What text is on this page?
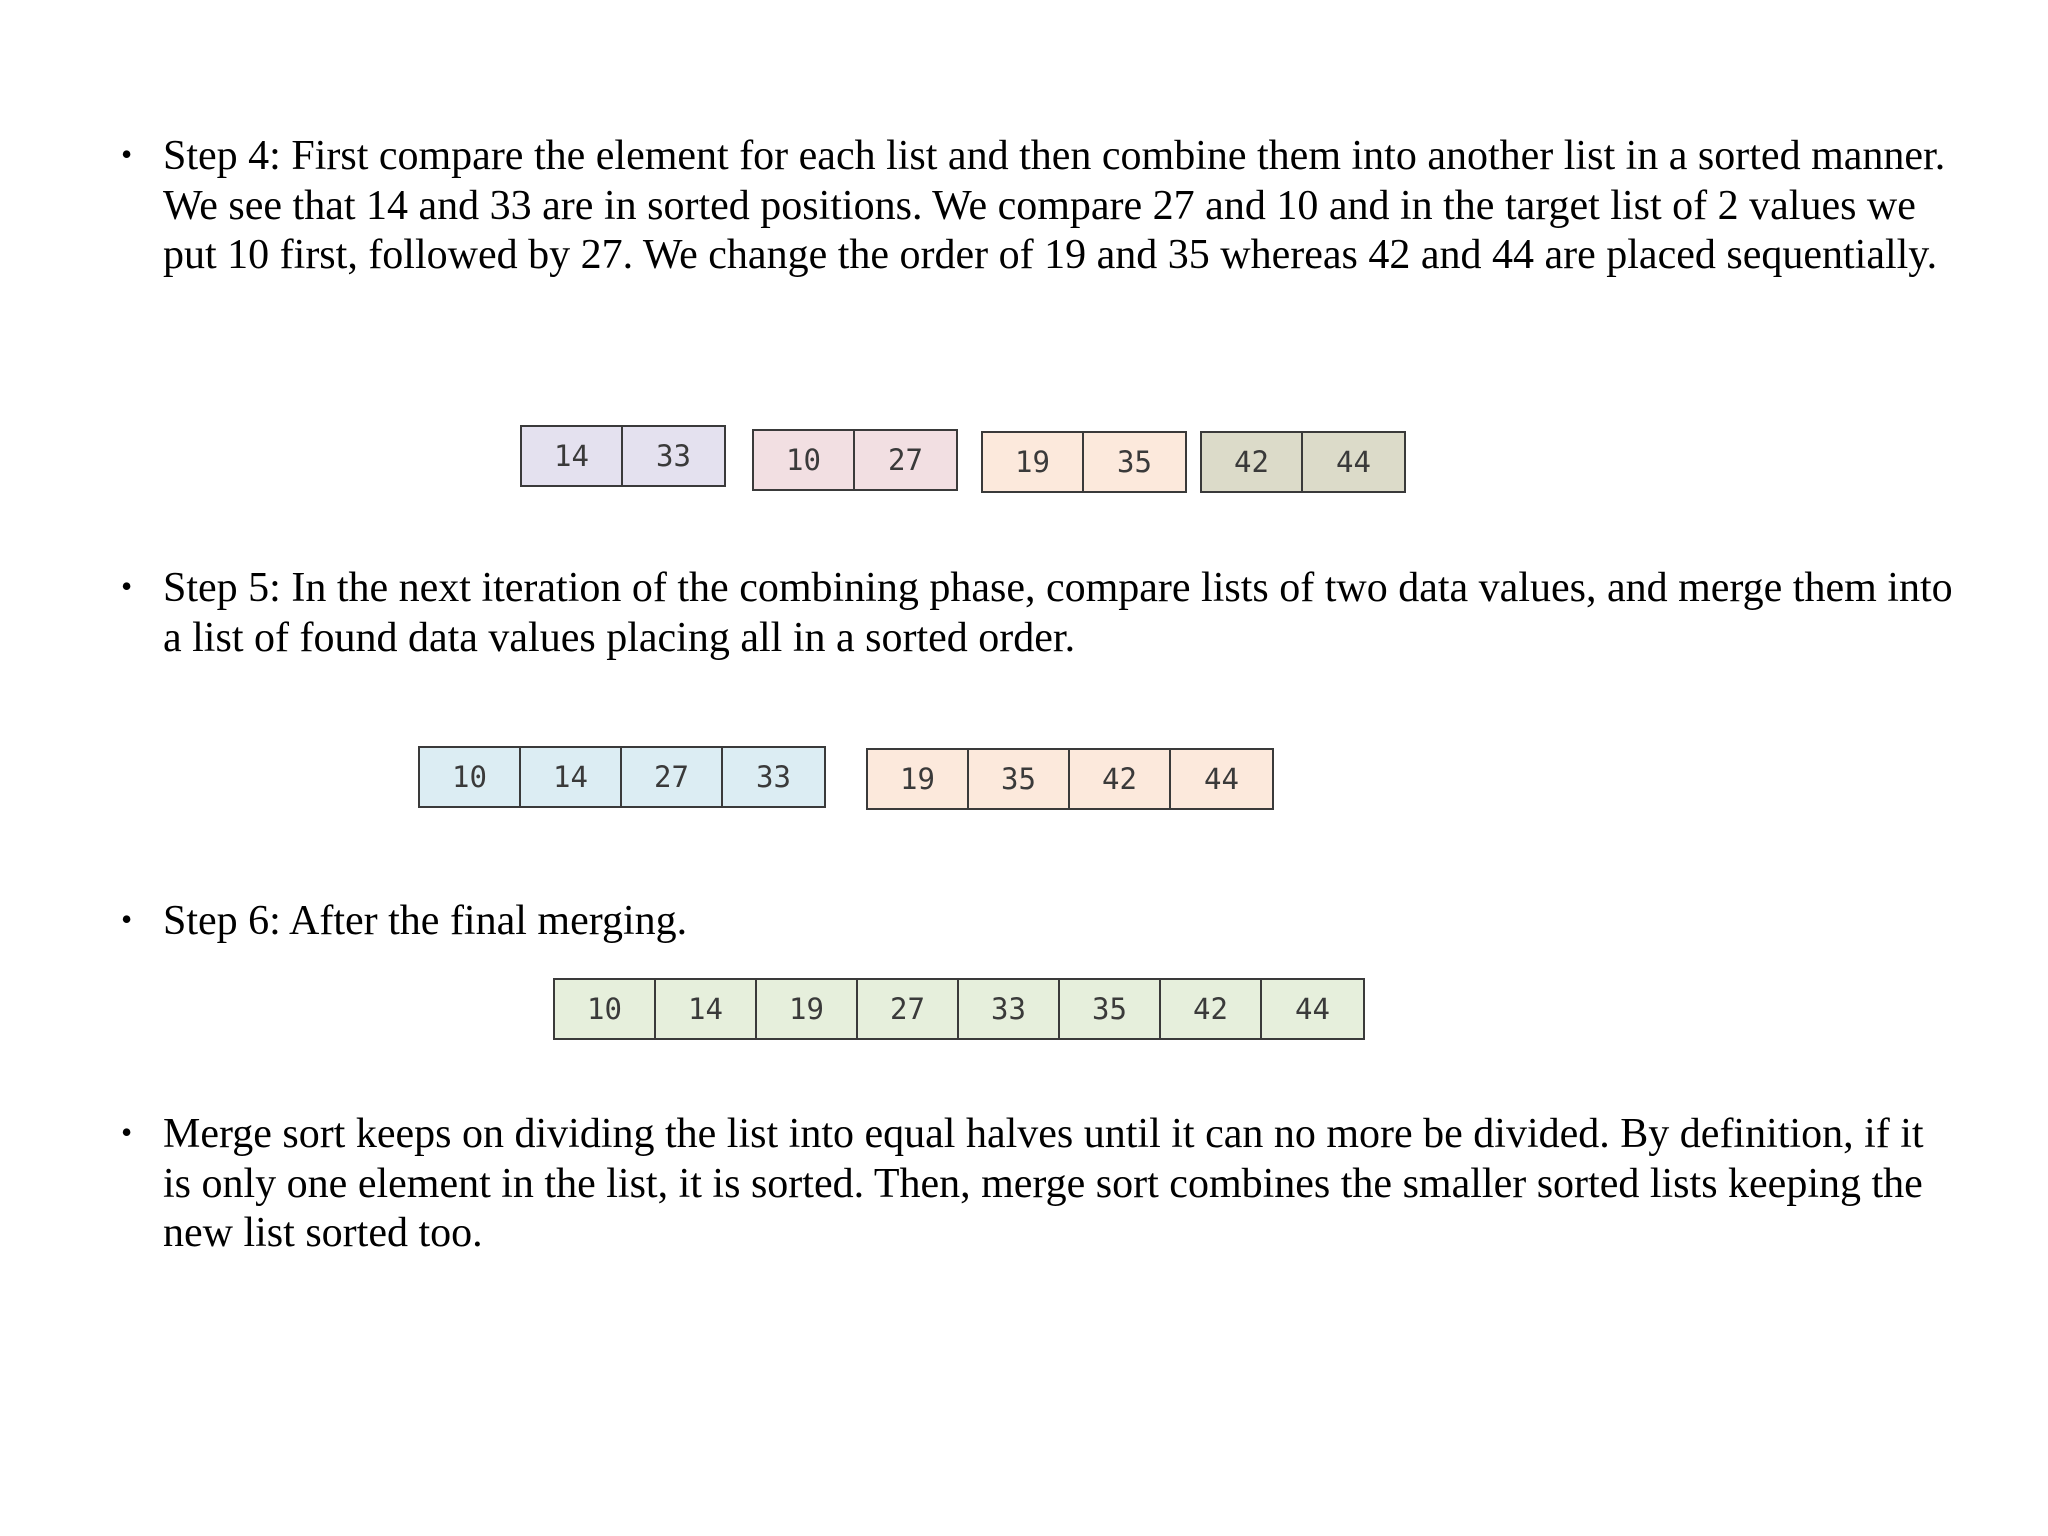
• Step 4: First compare the element for each list and then combine them into another list in a sorted manner. We see that 14 and 33 are in sorted positions. We compare 27 and 10 and in the target list of 2 values we put 10 first, followed by 27. We change the order of 19 and 35 whereas 42 and 44 are placed sequentially.
14	33	10	27	19	35	42	44
• Step 5: In the next iteration of the combining phase, compare lists of two data values, and merge them into a list of found data values placing all in a sorted order.
10	14	27	33	19	35	42	44
• Step 6: After the final merging.
10	14	19	27	33	35	42	44
• Merge sort keeps on dividing the list into equal halves until it can no more be divided. By definition, if it is only one element in the list, it is sorted. Then, merge sort combines the smaller sorted lists keeping the new list sorted too.
